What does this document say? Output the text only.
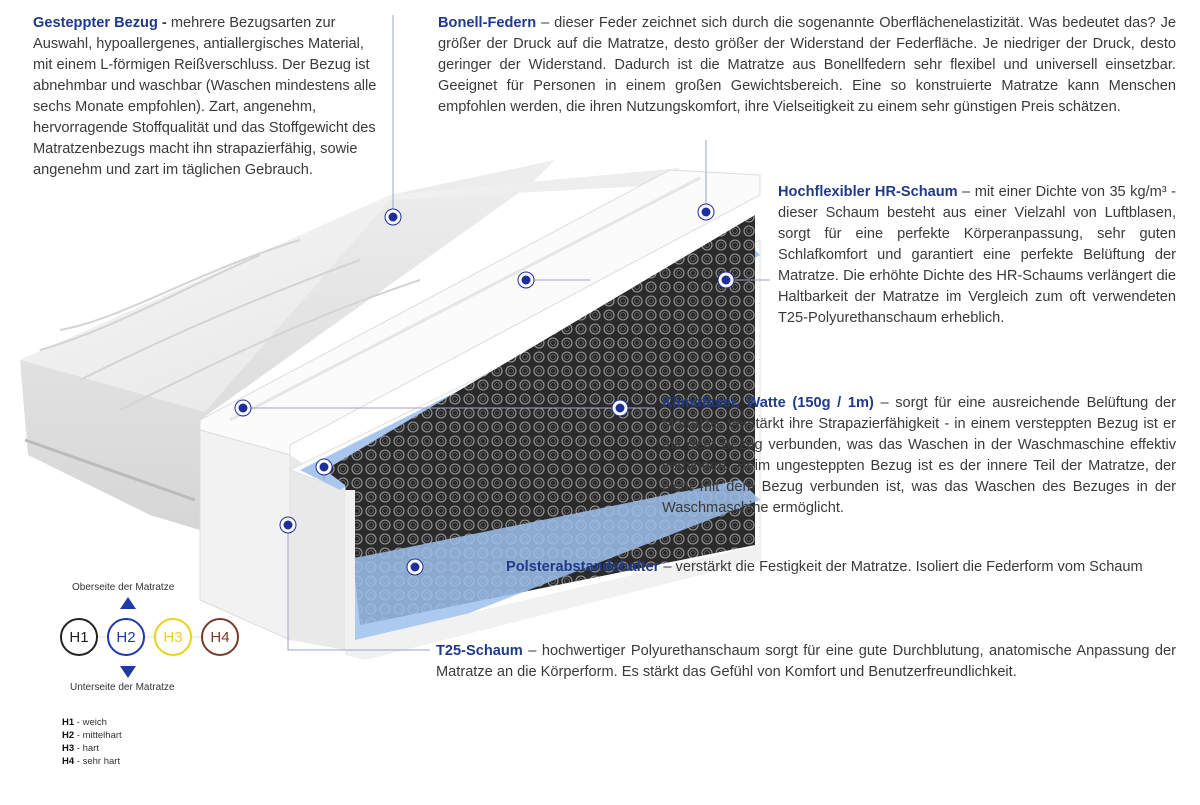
Gesteppter Bezug - mehrere Bezugsarten zur Auswahl, hypoallergenes, antiallergisches Material, mit einem L-förmigen Reißverschluss. Der Bezug ist abnehmbar und waschbar (Waschen mindestens alle sechs Monate empfohlen). Zart, angenehm, hervorragende Stoffqualität und das Stoffgewicht des Matratzenbezugs macht ihn strapazierfähig, sowie angenehm und zart im täglichen Gebrauch.
Bonell-Federn – dieser Feder zeichnet sich durch die sogenannte Oberflächenelastizität. Was bedeutet das? Je größer der Druck auf die Matratze, desto größer der Widerstand der Federfläche. Je niedriger der Druck, desto geringer der Widerstand. Dadurch ist die Matratze aus Bonellfedern sehr flexibel und universell einsetzbar. Geeignet für Personen in einem großen Gewichtsbereich. Eine so konstruierte Matratze kann Menschen empfohlen werden, die ihren Nutzungskomfort, ihre Vielseitigkeit zu einem sehr günstigen Preis schätzen.
Hochflexibler HR-Schaum – mit einer Dichte von 35 kg/m³ - dieser Schaum besteht aus einer Vielzahl von Luftblasen, sorgt für eine perfekte Körperanpassung, sehr guten Schlafkomfort und garantiert eine perfekte Belüftung der Matratze. Die erhöhte Dichte des HR-Schaums verlängert die Haltbarkeit der Matratze im Vergleich zum oft verwendeten T25-Polyurethanschaum erheblich.
Klimafaser, Watte (150g / 1m) – sorgt für eine ausreichende Belüftung der Matratze, verstärkt ihre Strapazierfähigkeit - in einem versteppten Bezug ist er mit dem Bezug verbunden, was das Waschen in der Waschmaschine effektiv verhindert. Beim ungesteppten Bezug ist es der innere Teil der Matratze, der nicht mit dem Bezug verbunden ist, was das Waschen des Bezuges in der Waschmaschine ermöglicht.
Polsterabstandshalter – verstärkt die Festigkeit der Matratze. Isoliert die Federform vom Schaum
T25-Schaum – hochwertiger Polyurethanschaum sorgt für eine gute Durchblutung, anatomische Anpassung der Matratze an die Körperform. Es stärkt das Gefühl von Komfort und Benutzerfreundlichkeit.
Oberseite der Matratze
H1	H2	H3	H4
Unterseite der Matratze
H1 - weich
H2 - mittelhart
H3 - hart
H4 - sehr hart
